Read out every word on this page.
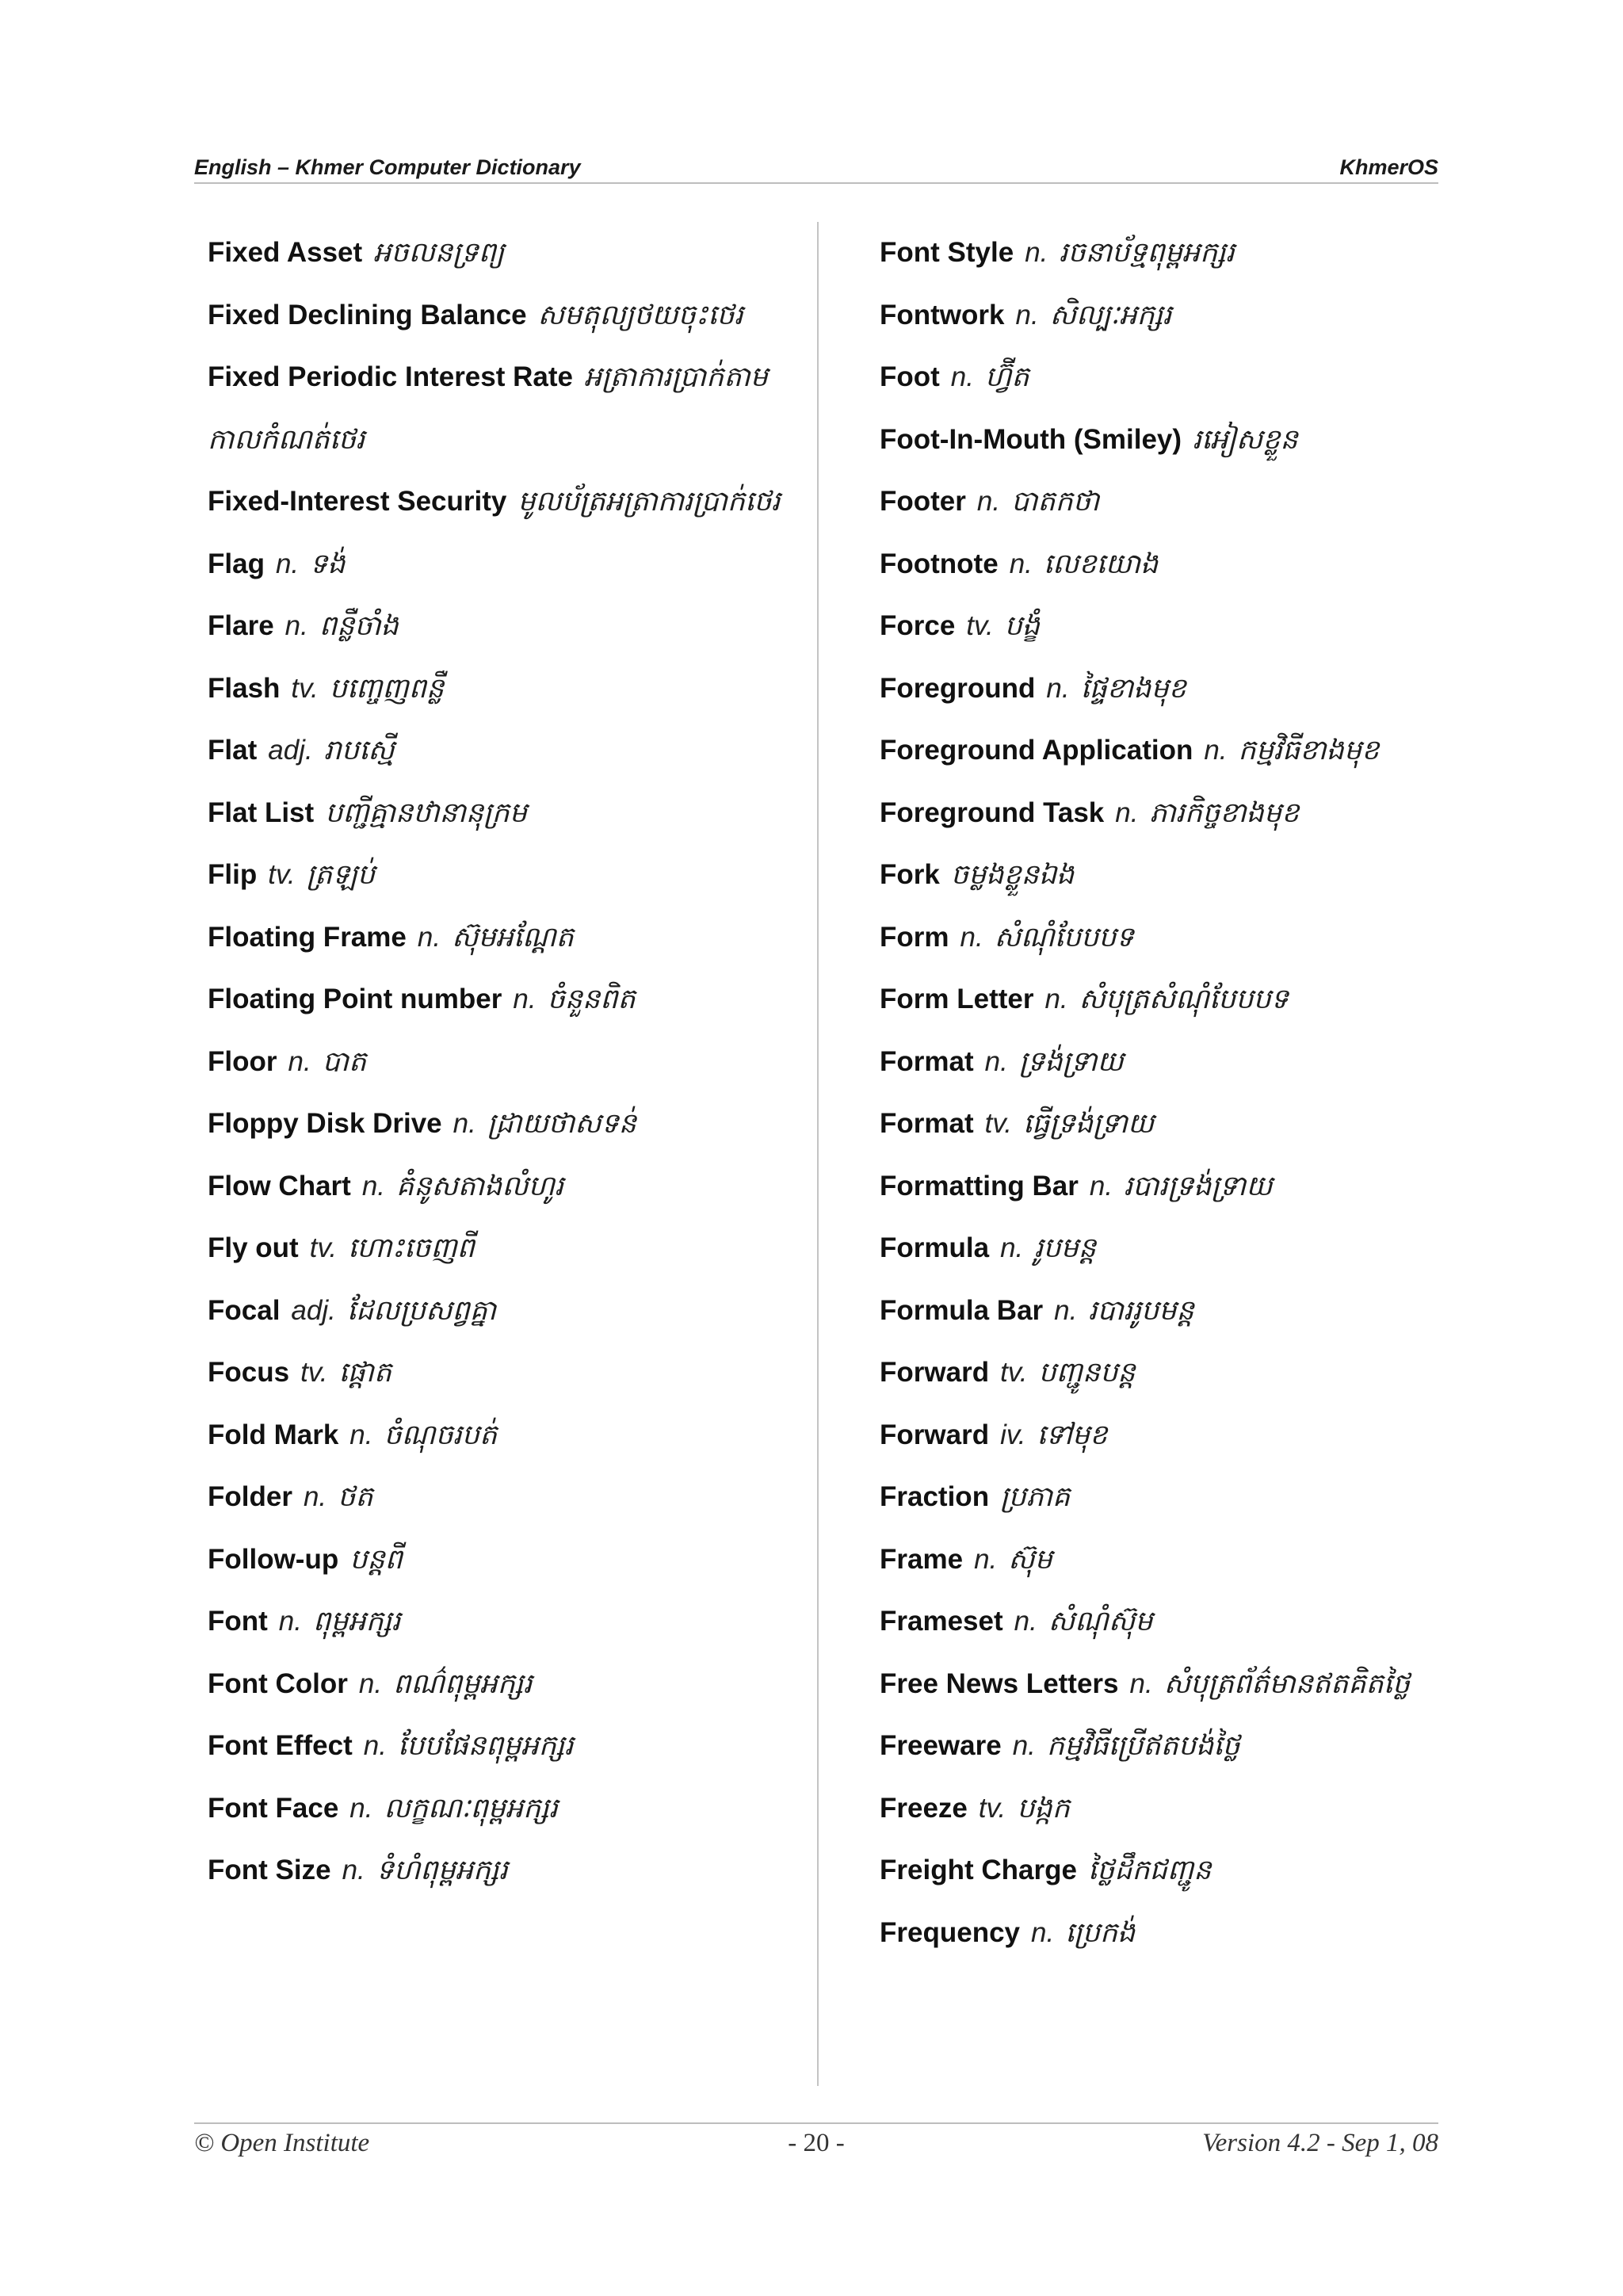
English – Khmer Computer Dictionary	KhmerOS
Fixed Asset អចលនទ្រព្យ
Fixed Declining Balance សមតុល្យថយចុះថេរ
Fixed Periodic Interest Rate អត្រាការប្រាក់តាមកាលកំណត់ថេរ
Fixed-Interest Security មូលប័ត្រអត្រាការប្រាក់ថេរ
Flag n. ទង់
Flare n. ពន្លឺចាំង
Flash tv. បញ្ចេញពន្លឺ
Flat adj. រាបស្មើ
Flat List បញ្ជីគ្មានឋានានុក្រម
Flip tv. ត្រឡប់
Floating Frame n. ស៊ុមអណ្តែត
Floating Point number n. ចំនួនពិត
Floor n. បាត
Floppy Disk Drive n. ដ្រាយថាសទន់
Flow Chart n. គំនូសតាងលំហូរ
Fly out tv. ហោះចេញពី
Focal adj. ដែលប្រសព្វគ្នា
Focus tv. ផ្តោត
Fold Mark n. ចំណុចរបត់
Folder n. ថត
Follow-up បន្តពី
Font n. ពុម្ពអក្សរ
Font Color n. ពណ៌ពុម្ពអក្សរ
Font Effect n. បែបផែនពុម្ពអក្សរ
Font Face n. លក្ខណៈពុម្ពអក្សរ
Font Size n. ទំហំពុម្ពអក្សរ
Font Style n. រចនាប័ទ្មពុម្ពអក្សរ
Fontwork n. សិល្បៈអក្សរ
Foot n. ហ្វ៊ីត
Foot-In-Mouth (Smiley) រអៀសខ្លួន
Footer n. បាតកថា
Footnote n. លេខយោង
Force tv. បង្ខំ
Foreground n. ផ្ទៃខាងមុខ
Foreground Application n. កម្មវិធីខាងមុខ
Foreground Task n. ភារកិច្ចខាងមុខ
Fork ចម្លងខ្លួនឯង
Form n. សំណុំបែបបទ
Form Letter n. សំបុត្រសំណុំបែបបទ
Format n. ទ្រង់ទ្រាយ
Format tv. ធ្វើទ្រង់ទ្រាយ
Formatting Bar n. របារទ្រង់ទ្រាយ
Formula n. រូបមន្ត
Formula Bar n. របាររូបមន្ត
Forward tv. បញ្ជូនបន្ត
Forward iv. ទៅមុខ
Fraction ប្រភាគ
Frame n. ស៊ុម
Frameset n. សំណុំស៊ុម
Free News Letters n. សំបុត្រព័ត៌មានឥតគិតថ្លៃ
Freeware n. កម្មវិធីប្រើឥតបង់ថ្លៃ
Freeze tv. បង្កក
Freight Charge ថ្លៃដឹកជញ្ជូន
Frequency n. ប្រេកង់
© Open Institute	- 20 -	Version 4.2 - Sep 1, 08
